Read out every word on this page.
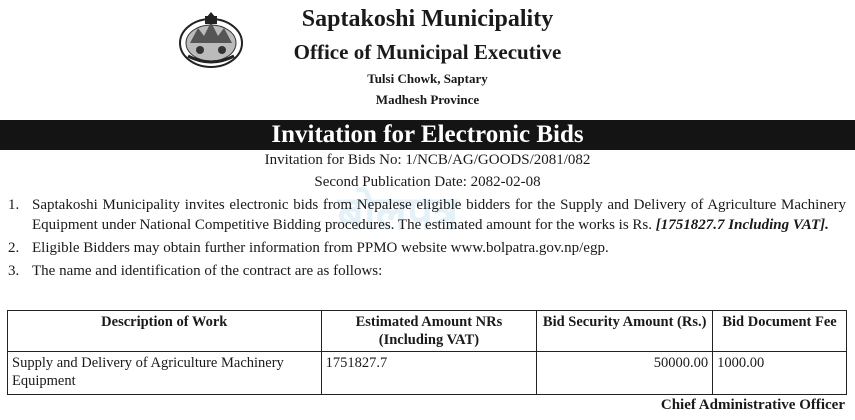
Saptakoshi Municipality
Office of Municipal Executive
Tulsi Chowk, Saptary
Madhesh Province
Invitation for Electronic Bids
Invitation for Bids No: 1/NCB/AG/GOODS/2081/082
Second Publication Date: 2082-02-08
बोलपत्र
1. Saptakoshi Municipality invites electronic bids from Nepalese eligible bidders for the Supply and Delivery of Agriculture Machinery Equipment under National Competitive Bidding procedures. The estimated amount for the works is Rs. [1751827.7 Including VAT].
2. Eligible Bidders may obtain further information from PPMO website www.bolpatra.gov.np/egp.
3. The name and identification of the contract are as follows:
Description of Work	Estimated Amount NRs (Including VAT)	Bid Security Amount (Rs.)	Bid Document Fee
Supply and Delivery of Agriculture Machinery Equipment	1751827.7	50000.00	1000.00
Chief Administrative Officer
